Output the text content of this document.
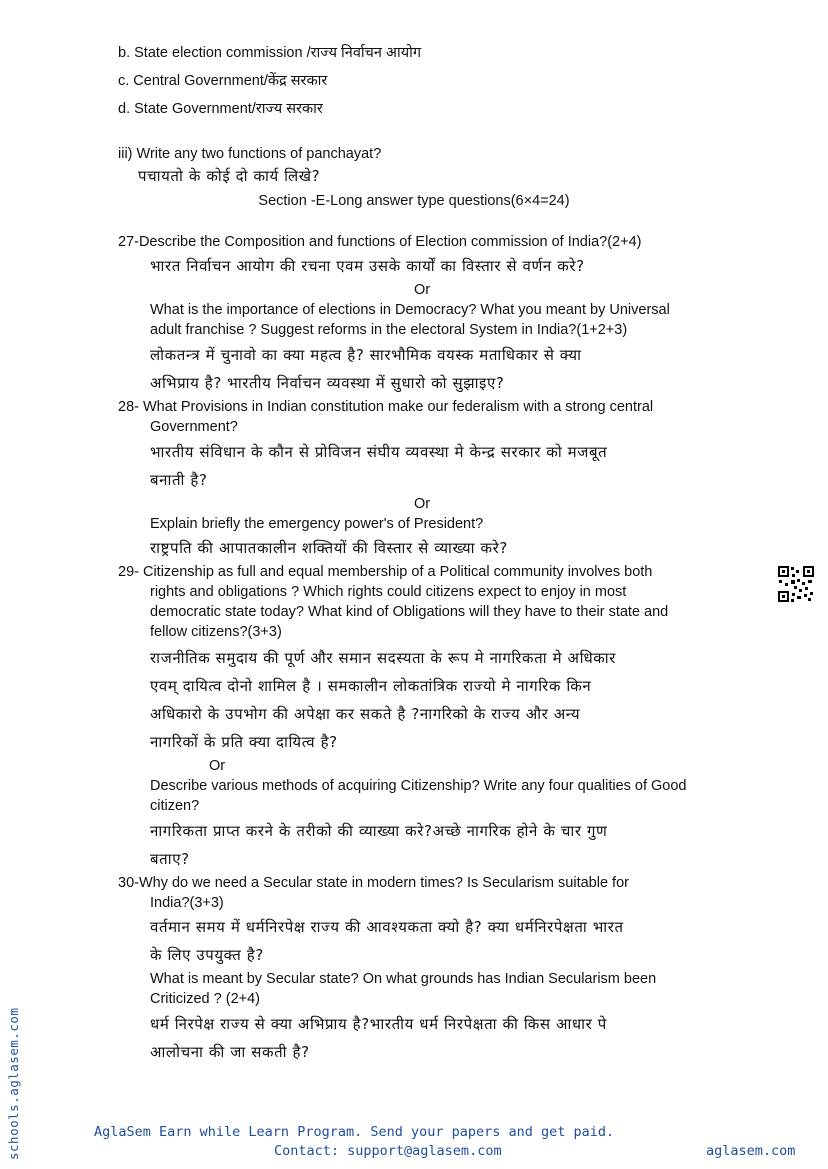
Section -E-Long answer type questions(6×4=24)
Or
Or
Or
b. State election commission /राज्य निर्वाचन आयोग
c. Central Government/केंद्र सरकार
d. State Government/राज्य सरकार
iii) Write any two functions of panchayat?
पचायतो के कोई दो कार्य लिखे?
27-Describe the Composition and functions of Election commission of India?(2+4)
भारत निर्वाचन आयोग की रचना एवम उसके कार्यों का विस्तार से वर्णन करे?
What is the importance of elections in Democracy? What you meant by Universal
adult franchise ? Suggest reforms in the electoral System in India?(1+2+3)
लोकतन्त्र में चुनावो का क्या महत्व है? सारभौमिक वयस्क मताधिकार से क्या
अभिप्राय है? भारतीय निर्वाचन व्यवस्था में सुधारो को सुझाइए?
28- What Provisions in Indian constitution make our federalism with a strong central
Government?
भारतीय संविधान के कौन से प्रोविजन संघीय व्यवस्था मे केन्द्र सरकार को मजबूत
बनाती है?
Explain briefly the emergency power's of President?
राष्ट्रपति की आपातकालीन शक्तियों की विस्तार से व्याख्या करे?
29- Citizenship as full and equal membership of a Political community involves both
rights and obligations ? Which rights could citizens expect to enjoy in most
democratic state today? What kind of Obligations will they have to their state and
fellow citizens?(3+3)
राजनीतिक समुदाय की पूर्ण और समान सदस्यता के रूप मे नागरिकता मे अधिकार
एवम् दायित्व दोनो शामिल है । समकालीन लोकतांत्रिक राज्यो मे नागरिक किन
अधिकारो के उपभोग की अपेक्षा कर सकते है ?नागरिको के राज्य और अन्य
नागरिकों के प्रति क्या दायित्व है?
Describe various methods of acquiring Citizenship? Write any four qualities of Good
citizen?
नागरिकता प्राप्त करने के तरीको की व्याख्या करे?अच्छे नागरिक होने के चार गुण
बताए?
30-Why do we need a Secular state in modern times? Is Secularism suitable for
India?(3+3)
वर्तमान समय में धर्मनिरपेक्ष राज्य की आवश्यकता क्यो है? क्या धर्मनिरपेक्षता भारत
के लिए उपयुक्त है?
What is meant by Secular state? On what grounds has Indian Secularism been
Criticized ? (2+4)
धर्म निरपेक्ष राज्य से क्या अभिप्राय है?भारतीय धर्म निरपेक्षता की किस आधार पे
आलोचना की जा सकती है?
schools.aglasem.com	AglaSem Earn while Learn Program. Send your papers and get paid.
Contact: support@aglasem.com	aglasem.com
